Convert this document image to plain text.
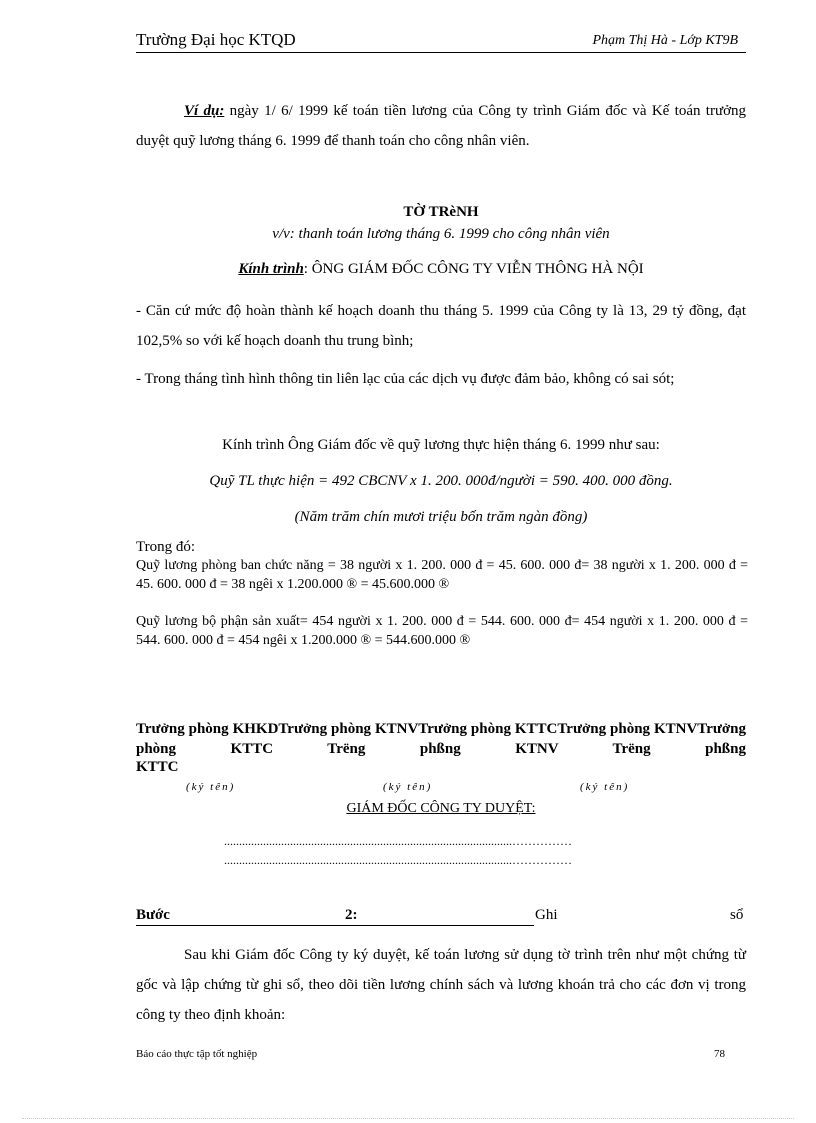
Trường Đại học KTQD	Phạm Thị Hà - Lớp KT9B
Ví dụ: ngày 1/ 6/ 1999 kế toán tiền lương của Công ty trình Giám đốc và Kế toán trưởng duyệt quỹ lương tháng 6. 1999 để thanh toán cho công nhân viên.
TỜ TRèNH
v/v: thanh toán lương tháng 6. 1999 cho công nhân viên
Kính trình: ÔNG GIÁM ĐỐC CÔNG TY VIỄN THÔNG HÀ NỘI
- Căn cứ mức độ hoàn thành kế hoạch doanh thu tháng 5. 1999 của Công ty là 13, 29 tỷ đồng, đạt 102,5% so với kế hoạch doanh thu trung bình;
- Trong tháng tình hình thông tin liên lạc của các dịch vụ được đảm bảo, không có sai sót;
Kính trình Ông Giám đốc về quỹ lương thực hiện tháng 6. 1999 như sau:
Quỹ TL thực hiện = 492 CBCNV x 1. 200. 000đ/người = 590. 400. 000 đồng.
(Năm trăm chín mươi triệu bốn trăm ngàn đồng)
Trong đó:
Quỹ lương phòng ban chức năng = 38 người x 1. 200. 000 đ = 45. 600. 000 đ= 38 người x 1. 200. 000 đ = 45. 600. 000 đ = 38 ngêi x 1.200.000 ® = 45.600.000 ®
Quỹ lương bộ phận sản xuất= 454 người x 1. 200. 000 đ = 544. 600. 000 đ= 454 người x 1. 200. 000 đ = 544. 600. 000 đ = 454 ngêi x 1.200.000 ® = 544.600.000 ®
Trưởng phòng KHKDTrưởng phòng KTNVTrưởng phòng KTTCTrưởng phòng KTNVTrưởng phòng KTTC Trëng phßng KTNV Trëng phßng
KTTC
(ký tên)	(ký tên)	(ký tên)
GIÁM ĐỐC CÔNG TY DUYỆT:
................................................................................................……………
................................................................................................……………
Bước	2:	Ghi	sổ
Sau khi Giám đốc Công ty ký duyệt, kế toán lương sử dụng tờ trình trên như một chứng từ gốc và lập chứng từ ghi sổ, theo dõi tiền lương chính sách và lương khoán trả cho các đơn vị trong công ty theo định khoản:
Báo cáo thực tập tốt nghiệp	78
